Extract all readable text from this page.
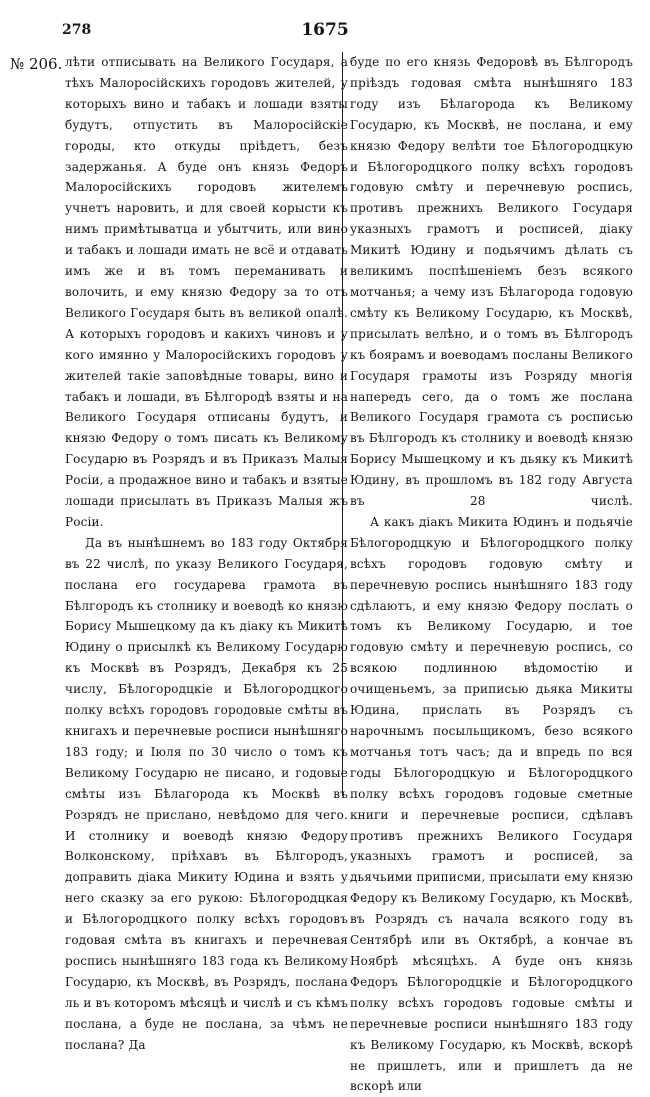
278	1675
№ 206. лѣти отписывать на Великого Государя, а тѣхъ Малоросійскихъ городовъ жителей, у которыхъ вино и табакъ и лошади взяты будутъ, отпустить въ Малоросійскіе городы, кто откуды пріѣдетъ, безъ задержанья. А буде онъ князь Федоръ Малоросійскихъ городовъ жителемъ учнетъ наровить, и для своей корысти къ нимъ примѣтыватца и убытчить, или вино и табакъ и лошади имать не всё и отдавать имъ же и въ томъ переманивать и волочить, и ему князю Федору за то отъ Великого Государя быть въ великой опалѣ. А которыхъ городовъ и какихъ чиновъ и у кого имянно у Малоросійскихъ городовъ у жителей такіе заповѣдные товары, вино и табакъ и лошади, въ Бѣлгородѣ взяты и на Великого Государя отписаны будутъ, и князю Федору о томъ писать къ Великому Государю въ Розрядъ и въ Приказъ Малыя Росіи, а продажное вино и табакъ и взятые лошади присылать въ Приказъ Малыя жъ Росіи.

Да въ нынѣшнемъ во 183 году Октября въ 22 числѣ, по указу Великого Государя, послана его государева грамота въ Бѣлгородъ къ столнику и воеводѣ ко князю Борису Мышецкому да къ дiаку къ Микитѣ Юдину о присылкѣ къ Великому Государю къ Москвѣ въ Розрядъ, Декабря къ 25 числу, Бѣлогородцкіе и Бѣлогородцкого полку всѣхъ городовъ городовые смѣты въ книгахъ и перечневые росписи нынѣшняго 183 году; и Iюля по 30 число о томъ къ Великому Государю не писано, и годовые смѣты изъ Бѣлагорода къ Москвѣ въ Розрядъ не прислано, невѣдомо для чего. И столнику и воеводѣ князю Федору Волконскому, пріѣхавъ въ Бѣлгородъ, доправить дiака Микиту Юдина и взять у него сказку за его рукою: Бѣлогородцкая и Бѣлогородцкого полку всѣхъ городовъ годовая смѣта въ книгахъ и перечневая роспись нынѣшняго 183 года къ Великому Государю, къ Москвѣ, въ Розрядъ, послана ль и въ которомъ мѣсяцѣ и числѣ и съ кѣмъ послана, а буде не послана, за чѣмъ не послана? Да

буде по его князь Федоровѣ въ Бѣлгородъ пріѣздъ годовая смѣта нынѣшняго 183 году изъ Бѣлагорода къ Великому Государю, къ Москвѣ, не послана, и ему князю Федору велѣти тое Бѣлогородцкую и Бѣлогородцкого полку всѣхъ городовъ годовую смѣту и перечневую роспись, противъ прежнихъ Великого Государя указныхъ грамотъ и росписей, дiаку Микитѣ Юдину и подьячимъ дѣлать съ великимъ поспѣшеніемъ безъ всякого мотчанья; а чему изъ Бѣлагорода годовую смѣту къ Великому Государю, къ Москвѣ, присылать велѣно, и о томъ въ Бѣлгородъ къ боярамъ и воеводамъ посланы Великого Государя грамоты изъ Розряду многія напередъ сего, да о томъ же послана Великого Государя грамота съ росписью въ Бѣлгородъ къ столнику и воеводѣ князю Борису Мышецкому и къ дьяку къ Микитѣ Юдину, въ прошломъ въ 182 году Августа въ 28 числѣ.

А какъ дiакъ Микита Юдинъ и подьячіе Бѣлогородцкую и Бѣлогородцкого полку всѣхъ городовъ годовую смѣту и перечневую роспись нынѣшняго 183 году сдѣлаютъ, и ему князю Федору послать о томъ къ Великому Государю, и тое годовую смѣту и перечневую роспись, со всякою подлинною вѣдомостію и очищеньемъ, за приписью дьяка Микиты Юдина, прислать въ Розрядъ съ нарочнымъ посыльщикомъ, безо всякого мотчанья тотъ часъ; да и впредь по вся годы Бѣлогородцкую и Бѣлогородцкого полку всѣхъ городовъ годовые сметные книги и перечневые росписи, сдѣлавъ противъ прежнихъ Великого Государя указныхъ грамотъ и росписей, за дьячьими приписми, присылати ему князю Федору къ Великому Государю, къ Москвѣ, въ Розрядъ съ начала всякого году въ Сентябрѣ или въ Октябрѣ, а кончае въ Ноябрѣ мѣсяцѣхъ. А буде онъ князь Федоръ Бѣлогородцкіе и Бѣлогородцкого полку всѣхъ городовъ годовые смѣты и перечневые росписи нынѣшняго 183 году къ Великому Государю, къ Москвѣ, вскорѣ не пришлетъ, или и пришлетъ да не вскорѣ или
